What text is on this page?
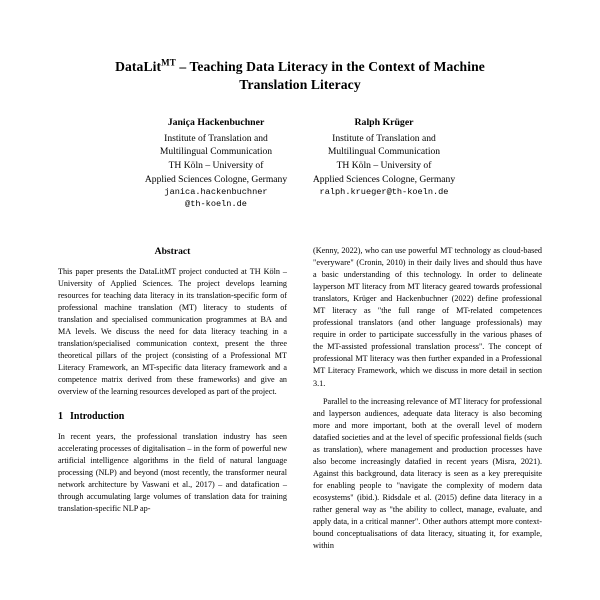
DataLit$^{MT}$ – Teaching Data Literacy in the Context of Machine
Translation Literacy
Janiça Hackenbuchner
Institute of Translation and
Multilingual Communication
TH Köln – University of
Applied Sciences Cologne, Germany
janica.hackenbuchner
@th-koeln.de
Ralph Krüger
Institute of Translation and
Multilingual Communication
TH Köln – University of
Applied Sciences Cologne, Germany
ralph.krueger@th-koeln.de
Abstract

This paper presents the DataLitMT project conducted at TH Köln – University of Applied Sciences. The project develops learning resources for teaching data literacy in its translation-specific form of professional machine translation (MT) literacy to students of translation and specialised communication programmes at BA and MA levels. We discuss the need for data literacy teaching in a translation/specialised communication context, present the three theoretical pillars of the project (consisting of a Professional MT Literacy Framework, an MT-specific data literacy framework and a competence matrix derived from these frameworks) and give an overview of the learning resources developed as part of the project.

1 Introduction

In recent years, the professional translation industry has seen accelerating processes of digitalisation – in the form of powerful new artificial intelligence algorithms in the field of natural language processing (NLP) and beyond (most recently, the transformer neural network architecture by Vaswani et al., 2017) – and datafication – through accumulating large volumes of translation data for training translation-specific NLP ap-

(Kenny, 2022), who can use powerful MT technology as cloud-based "everyware" (Cronin, 2010) in their daily lives and should thus have a basic understanding of this technology. In order to delineate layperson MT literacy from MT literacy geared towards professional translators, Krüger and Hackenbuchner (2022) define professional MT literacy as "the full range of MT-related competences professional translators (and other language professionals) may require in order to participate successfully in the various phases of the MT-assisted professional translation process". The concept of professional MT literacy was then further expanded in a Professional MT Literacy Framework, which we discuss in more detail in section 3.1.

Parallel to the increasing relevance of MT literacy for professional and layperson audiences, adequate data literacy is also becoming more and more important, both at the overall level of modern datafied societies and at the level of specific professional fields (such as translation), where management and production processes have also become increasingly datafied in recent years (Misra, 2021). Against this background, data literacy is seen as a key prerequisite for enabling people to "navigate the complexity of modern data ecosystems" (ibid.). Ridsdale et al. (2015) define data literacy in a rather general way as "the ability to collect, manage, evaluate, and apply data, in a critical manner". Other authors attempt more context-bound conceptualisations of data literacy, situating it, for example, within
